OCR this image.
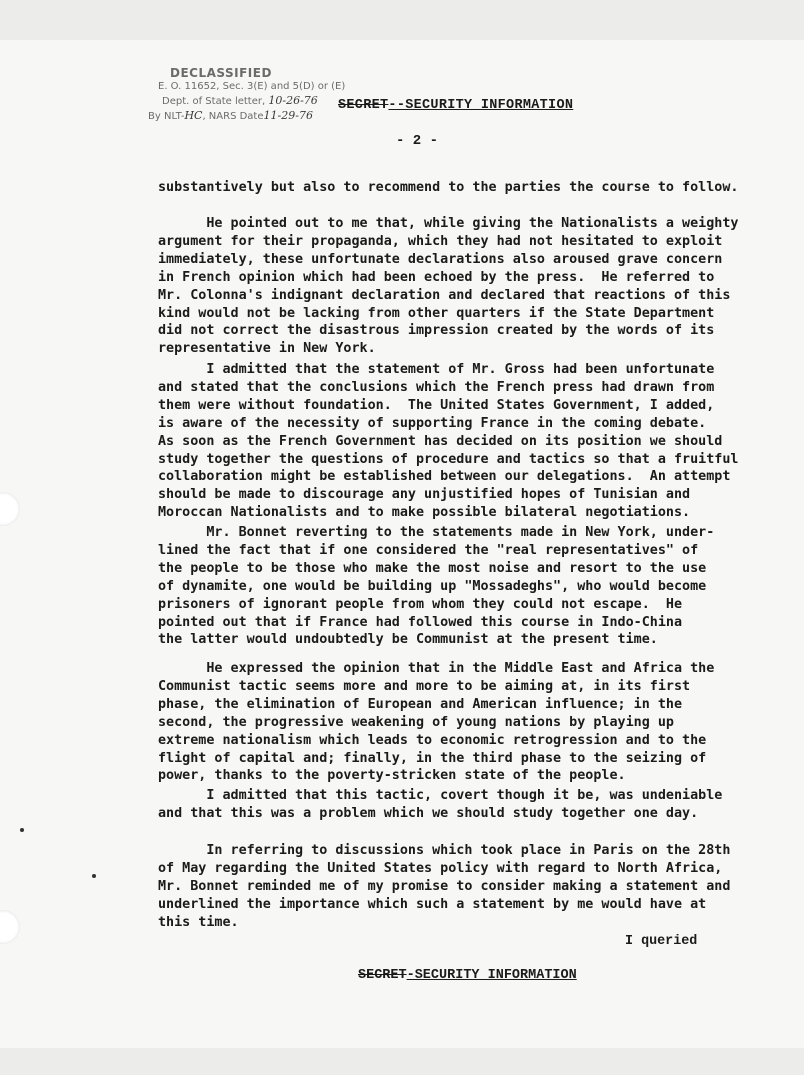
DECLASSIFIED
E. O. 11652, Sec. 3(E) and 5(D) or (E)
Dept. of State letter, 10-26-76
By NLT-HC, NARS Date11-29-76
SECRET--SECURITY INFORMATION
- 2 -
substantively but also to recommend to the parties the course to follow.
He pointed out to me that, while giving the Nationalists a weighty
argument for their propaganda, which they had not hesitated to exploit
immediately, these unfortunate declarations also aroused grave concern
in French opinion which had been echoed by the press.  He referred to
Mr. Colonna's indignant declaration and declared that reactions of this
kind would not be lacking from other quarters if the State Department
did not correct the disastrous impression created by the words of its
representative in New York.
I admitted that the statement of Mr. Gross had been unfortunate
and stated that the conclusions which the French press had drawn from
them were without foundation.  The United States Government, I added,
is aware of the necessity of supporting France in the coming debate.
As soon as the French Government has decided on its position we should
study together the questions of procedure and tactics so that a fruitful
collaboration might be established between our delegations.  An attempt
should be made to discourage any unjustified hopes of Tunisian and
Moroccan Nationalists and to make possible bilateral negotiations.
Mr. Bonnet reverting to the statements made in New York, under-
lined the fact that if one considered the "real representatives" of
the people to be those who make the most noise and resort to the use
of dynamite, one would be building up "Mossadeghs", who would become
prisoners of ignorant people from whom they could not escape.  He
pointed out that if France had followed this course in Indo-China
the latter would undoubtedly be Communist at the present time.
He expressed the opinion that in the Middle East and Africa the
Communist tactic seems more and more to be aiming at, in its first
phase, the elimination of European and American influence; in the
second, the progressive weakening of young nations by playing up
extreme nationalism which leads to economic retrogression and to the
flight of capital and; finally, in the third phase to the seizing of
power, thanks to the poverty-stricken state of the people.
I admitted that this tactic, covert though it be, was undeniable
and that this was a problem which we should study together one day.
In referring to discussions which took place in Paris on the 28th
of May regarding the United States policy with regard to North Africa,
Mr. Bonnet reminded me of my promise to consider making a statement and
underlined the importance which such a statement by me would have at
this time.
I queried
SECRET-SECURITY INFORMATION
